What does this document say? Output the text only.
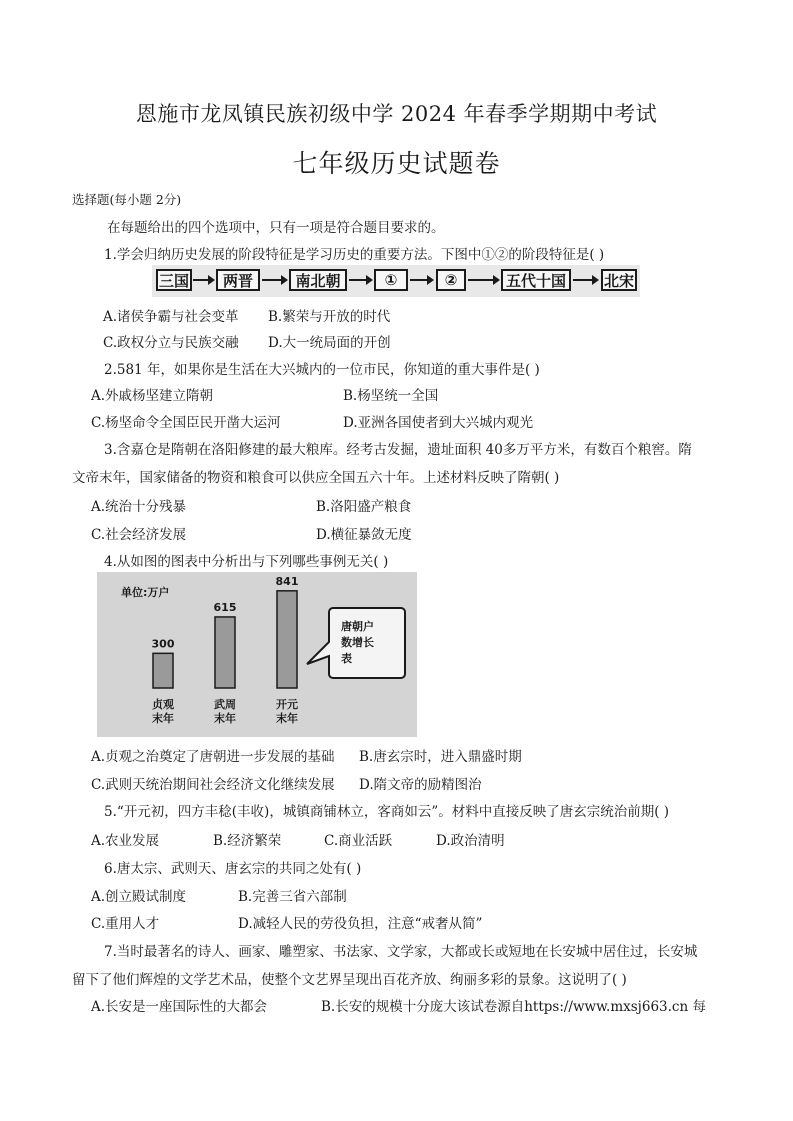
恩施市龙凤镇民族初级中学 2024 年春季学期期中考试
七年级历史试题卷
选择题(每小题 2分)
在每题给出的四个选项中，只有一项是符合题目要求的。
1.学会归纳历史发展的阶段特征是学习历史的重要方法。下图中①②的阶段特征是( )
三国	两晋	南北朝	①	②	五代十国	北宋
A.诸侯争霸与社会变革 B.繁荣与开放的时代
C.政权分立与民族交融 D.大一统局面的开创
2.581 年，如果你是生活在大兴城内的一位市民，你知道的重大事件是( )
A.外戚杨坚建立隋朝	B.杨坚统一全国
C.杨坚命令全国臣民开凿大运河	D.亚洲各国使者到大兴城内观光
3.含嘉仓是隋朝在洛阳修建的最大粮库。经考古发掘，遗址面积 40多万平方米，有数百个粮窖。隋
文帝末年，国家储备的物资和粮食可以供应全国五六十年。上述材料反映了隋朝( )
A.统治十分残暴	B.洛阳盛产粮食
C.社会经济发展	D.横征暴敛无度
4.从如图的图表中分析出与下列哪些事例无关( )
单位:万户
300
贞观
末年
615
武周
末年
841
开元
末年
唐朝户
数增长
表
A.贞观之治奠定了唐朝进一步发展的基础 B.唐玄宗时，进入鼎盛时期
C.武则天统治期间社会经济文化继续发展 D.隋文帝的励精图治
5.“开元初，四方丰稔(丰收)，城镇商铺林立，客商如云”。材料中直接反映了唐玄宗统治前期( )
A.农业发展	B.经济繁荣	C.商业活跃	D.政治清明
6.唐太宗、武则天、唐玄宗的共同之处有( )
A.创立殿试制度	B.完善三省六部制
C.重用人才	D.减轻人民的劳役负担，注意“戒奢从简”
7.当时最著名的诗人、画家、雕塑家、书法家、文学家，大都或长或短地在长安城中居住过，长安城
留下了他们辉煌的文学艺术品，使整个文艺界呈现出百花齐放、绚丽多彩的景象。这说明了( )
A.长安是一座国际性的大都会	B.长安的规模十分庞大该试卷源自https://www.mxsj663.cn 每
